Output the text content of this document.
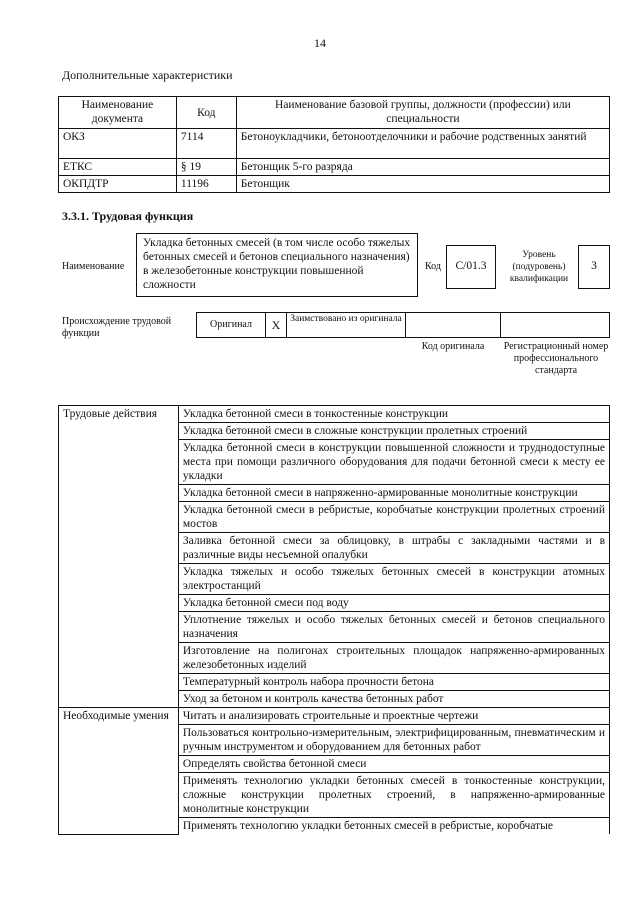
14
Дополнительные характеристики
Наименование документа	Код	Наименование базовой группы, должности (профессии) или специальности
ОКЗ	7114	Бетоноукладчики, бетоноотделочники и рабочие родственных занятий
ЕТКС	§ 19	Бетонщик 5-го разряда
ОКПДТР	11196	Бетонщик
3.3.1. Трудовая функция
Наименование
Укладка бетонных смесей (в том числе особо тяжелых бетонных смесей и бетонов специального назначения) в железобетонные конструкции повышенной сложности
Код	С/01.3
Уровень (подуровень) квалификации
3
Происхождение трудовой функции
Оригинал	Х	Заимствовано из оригинала
Код оригинала	Регистрационный номер профессионального стандарта
Трудовые действия	Укладка бетонной смеси в тонкостенные конструкции
	Укладка бетонной смеси в сложные конструкции пролетных строений
	Укладка бетонной смеси в конструкции повышенной сложности и труднодоступные места при помощи различного оборудования для подачи бетонной смеси к месту ее укладки
	Укладка бетонной смеси в напряженно-армированные монолитные конструкции
	Укладка бетонной смеси в ребристые, коробчатые конструкции пролетных строений мостов
	Заливка бетонной смеси за облицовку, в штрабы с закладными частями и в различные виды несъемной опалубки
	Укладка тяжелых и особо тяжелых бетонных смесей в конструкции атомных электростанций
	Укладка бетонной смеси под воду
	Уплотнение тяжелых и особо тяжелых бетонных смесей и бетонов специального назначения
	Изготовление на полигонах строительных площадок напряженно-армированных железобетонных изделий
	Температурный контроль набора прочности бетона
	Уход за бетоном и контроль качества бетонных работ
Необходимые умения	Читать и анализировать строительные и проектные чертежи
	Пользоваться контрольно-измерительным, электрифицированным, пневматическим и ручным инструментом и оборудованием для бетонных работ
	Определять свойства бетонной смеси
	Применять технологию укладки бетонных смесей в тонкостенные конструкции, сложные конструкции пролетных строений, в напряженно-армированные монолитные конструкции
	Применять технологию укладки бетонных смесей в ребристые, коробчатые
